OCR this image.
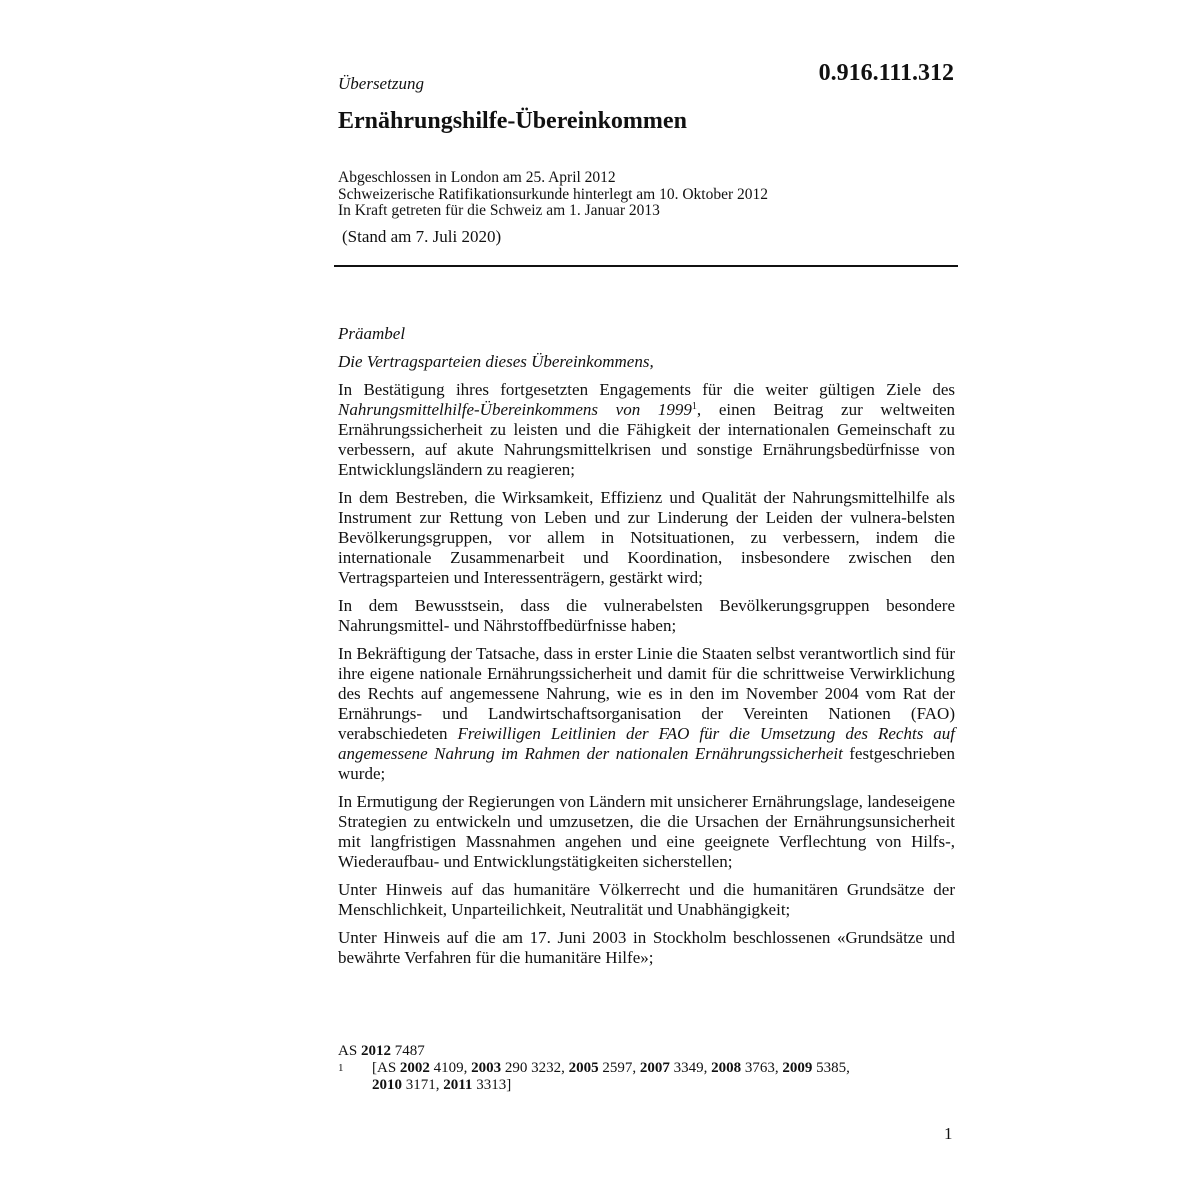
Übersetzung	0.916.111.312
Ernährungshilfe-Übereinkommen
Abgeschlossen in London am 25. April 2012
Schweizerische Ratifikationsurkunde hinterlegt am 10. Oktober 2012
In Kraft getreten für die Schweiz am 1. Januar 2013
(Stand am 7. Juli 2020)
Präambel
Die Vertragsparteien dieses Übereinkommens,

In Bestätigung ihres fortgesetzten Engagements für die weiter gültigen Ziele des Nahrungsmittelhilfe-Übereinkommens von 1999$^1$, einen Beitrag zur weltweiten Ernährungssicherheit zu leisten und die Fähigkeit der internationalen Gemeinschaft zu verbessern, auf akute Nahrungsmittelkrisen und sonstige Ernährungsbedürfnisse von Entwicklungsländern zu reagieren;

In dem Bestreben, die Wirksamkeit, Effizienz und Qualität der Nahrungsmittelhilfe als Instrument zur Rettung von Leben und zur Linderung der Leiden der vulnera-belsten Bevölkerungsgruppen, vor allem in Notsituationen, zu verbessern, indem die internationale Zusammenarbeit und Koordination, insbesondere zwischen den Vertragsparteien und Interessenträgern, gestärkt wird;

In dem Bewusstsein, dass die vulnerabelsten Bevölkerungsgruppen besondere Nahrungsmittel- und Nährstoffbedürfnisse haben;

In Bekräftigung der Tatsache, dass in erster Linie die Staaten selbst verantwortlich sind für ihre eigene nationale Ernährungssicherheit und damit für die schrittweise Verwirklichung des Rechts auf angemessene Nahrung, wie es in den im November 2004 vom Rat der Ernährungs- und Landwirtschaftsorganisation der Vereinten Nationen (FAO) verabschiedeten Freiwilligen Leitlinien der FAO für die Umsetzung des Rechts auf angemessene Nahrung im Rahmen der nationalen Ernährungssicherheit festgeschrieben wurde;

In Ermutigung der Regierungen von Ländern mit unsicherer Ernährungslage, landeseigene Strategien zu entwickeln und umzusetzen, die die Ursachen der Ernährungsunsicherheit mit langfristigen Massnahmen angehen und eine geeignete Verflechtung von Hilfs-, Wiederaufbau- und Entwicklungstätigkeiten sicherstellen;

Unter Hinweis auf das humanitäre Völkerrecht und die humanitären Grundsätze der Menschlichkeit, Unparteilichkeit, Neutralität und Unabhängigkeit;

Unter Hinweis auf die am 17. Juni 2003 in Stockholm beschlossenen «Grundsätze und bewährte Verfahren für die humanitäre Hilfe»;

AS 2012 7487
1	[AS 2002 4109, 2003 290 3232, 2005 2597, 2007 3349, 2008 3763, 2009 5385,
2010 3171, 2011 3313]
1
